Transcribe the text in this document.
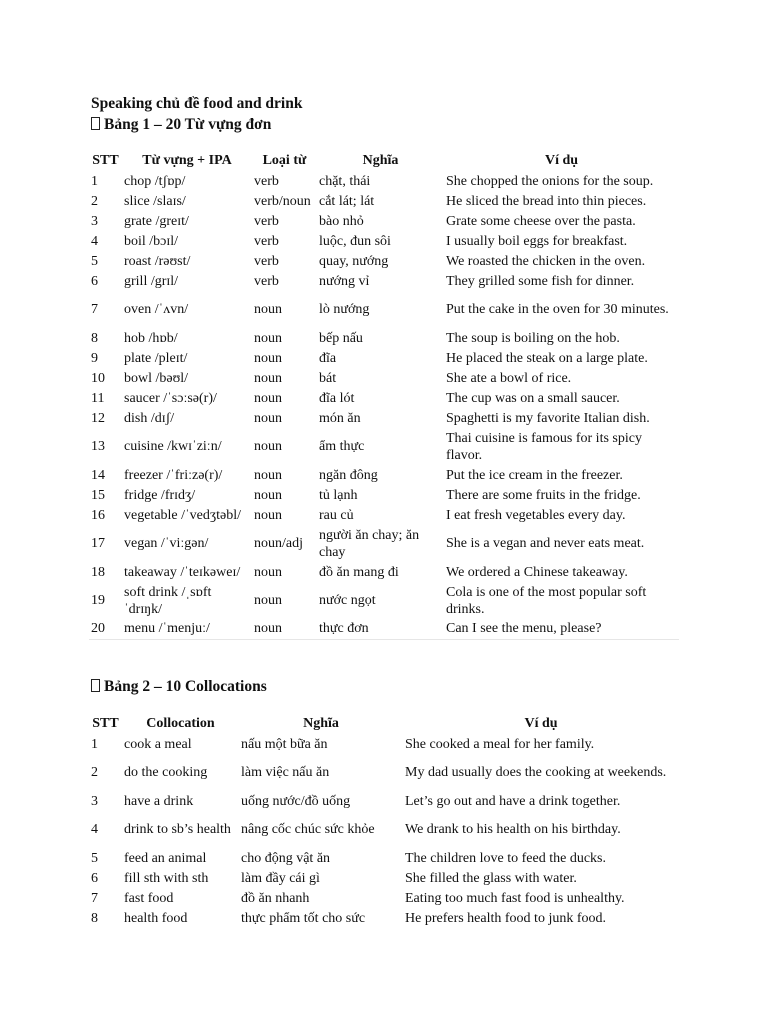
Speaking chủ đề food and drink
Bảng 1 – 20 Từ vựng đơn
STT	Từ vựng + IPA	Loại từ	Nghĩa	Ví dụ
1	chop /tʃɒp/	verb	chặt, thái	She chopped the onions for the soup.
2	slice /slaɪs/	verb/noun	cắt lát; lát	He sliced the bread into thin pieces.
3	grate /greɪt/	verb	bào nhỏ	Grate some cheese over the pasta.
4	boil /bɔɪl/	verb	luộc, đun sôi	I usually boil eggs for breakfast.
5	roast /rəʊst/	verb	quay, nướng	We roasted the chicken in the oven.
6	grill /grɪl/	verb	nướng vỉ	They grilled some fish for dinner.
7	oven /ˈʌvn/	noun	lò nướng	Put the cake in the oven for 30 minutes.
8	hob /hɒb/	noun	bếp nấu	The soup is boiling on the hob.
9	plate /pleɪt/	noun	đĩa	He placed the steak on a large plate.
10	bowl /bəʊl/	noun	bát	She ate a bowl of rice.
11	saucer /ˈsɔːsə(r)/	noun	đĩa lót	The cup was on a small saucer.
12	dish /dɪʃ/	noun	món ăn	Spaghetti is my favorite Italian dish.
13	cuisine /kwɪˈziːn/	noun	ẩm thực	Thai cuisine is famous for its spicy flavor.
14	freezer /ˈfriːzə(r)/	noun	ngăn đông	Put the ice cream in the freezer.
15	fridge /frɪdʒ/	noun	tủ lạnh	There are some fruits in the fridge.
16	vegetable /ˈvedʒtəbl/	noun	rau củ	I eat fresh vegetables every day.
17	vegan /ˈviːgən/	noun/adj	người ăn chay; ăn chay	She is a vegan and never eats meat.
18	takeaway /ˈteɪkəweɪ/	noun	đồ ăn mang đi	We ordered a Chinese takeaway.
19	soft drink /ˌsɒft ˈdrɪŋk/	noun	nước ngọt	Cola is one of the most popular soft drinks.
20	menu /ˈmenjuː/	noun	thực đơn	Can I see the menu, please?
Bảng 2 – 10 Collocations
STT	Collocation	Nghĩa	Ví dụ
1	cook a meal	nấu một bữa ăn	She cooked a meal for her family.
2	do the cooking	làm việc nấu ăn	My dad usually does the cooking at weekends.
3	have a drink	uống nước/đồ uống	Let’s go out and have a drink together.
4	drink to sb’s health	nâng cốc chúc sức khỏe	We drank to his health on his birthday.
5	feed an animal	cho động vật ăn	The children love to feed the ducks.
6	fill sth with sth	làm đầy cái gì	She filled the glass with water.
7	fast food	đồ ăn nhanh	Eating too much fast food is unhealthy.
8	health food	thực phẩm tốt cho sức	He prefers health food to junk food.
